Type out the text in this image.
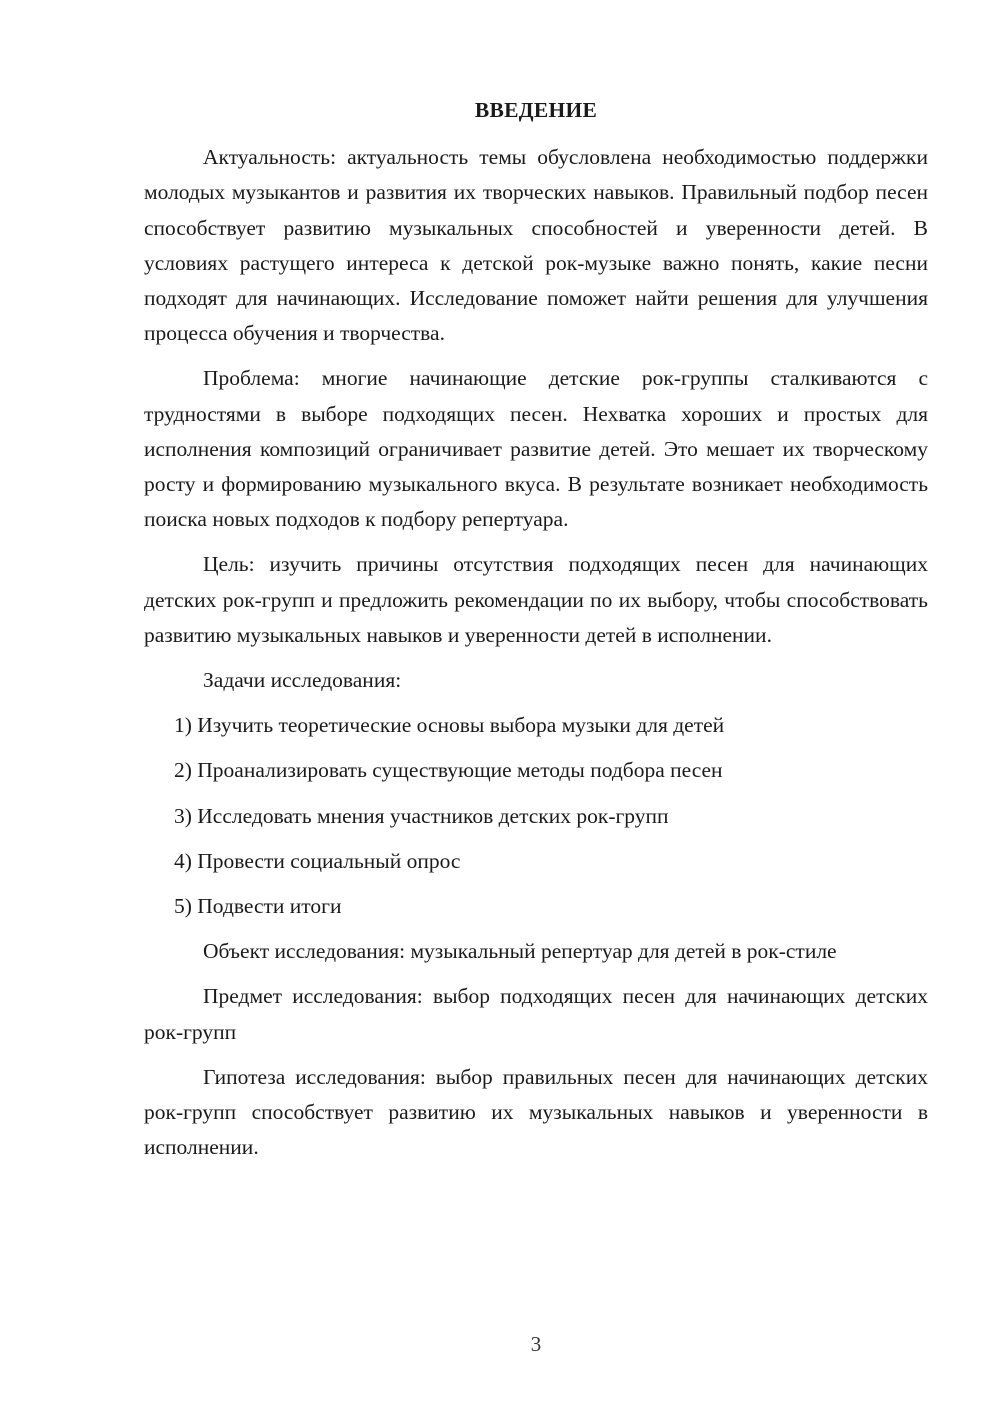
ВВЕДЕНИЕ

Актуальность: актуальность темы обусловлена необходимостью поддержки молодых музыкантов и развития их творческих навыков. Правильный подбор песен способствует развитию музыкальных способностей и уверенности детей. В условиях растущего интереса к детской рок-музыке важно понять, какие песни подходят для начинающих. Исследование поможет найти решения для улучшения процесса обучения и творчества.

Проблема: многие начинающие детские рок-группы сталкиваются с трудностями в выборе подходящих песен. Нехватка хороших и простых для исполнения композиций ограничивает развитие детей. Это мешает их творческому росту и формированию музыкального вкуса. В результате возникает необходимость поиска новых подходов к подбору репертуара.

Цель: изучить причины отсутствия подходящих песен для начинающих детских рок-групп и предложить рекомендации по их выбору, чтобы способствовать развитию музыкальных навыков и уверенности детей в исполнении.

Задачи исследования:

1) Изучить теоретические основы выбора музыки для детей
2) Проанализировать существующие методы подбора песен
3) Исследовать мнения участников детских рок-групп
4) Провести социальный опрос
5) Подвести итоги

Объект исследования: музыкальный репертуар для детей в рок-стиле

Предмет исследования: выбор подходящих песен для начинающих детских рок-групп

Гипотеза исследования: выбор правильных песен для начинающих детских рок-групп способствует развитию их музыкальных навыков и уверенности в исполнении.

3
